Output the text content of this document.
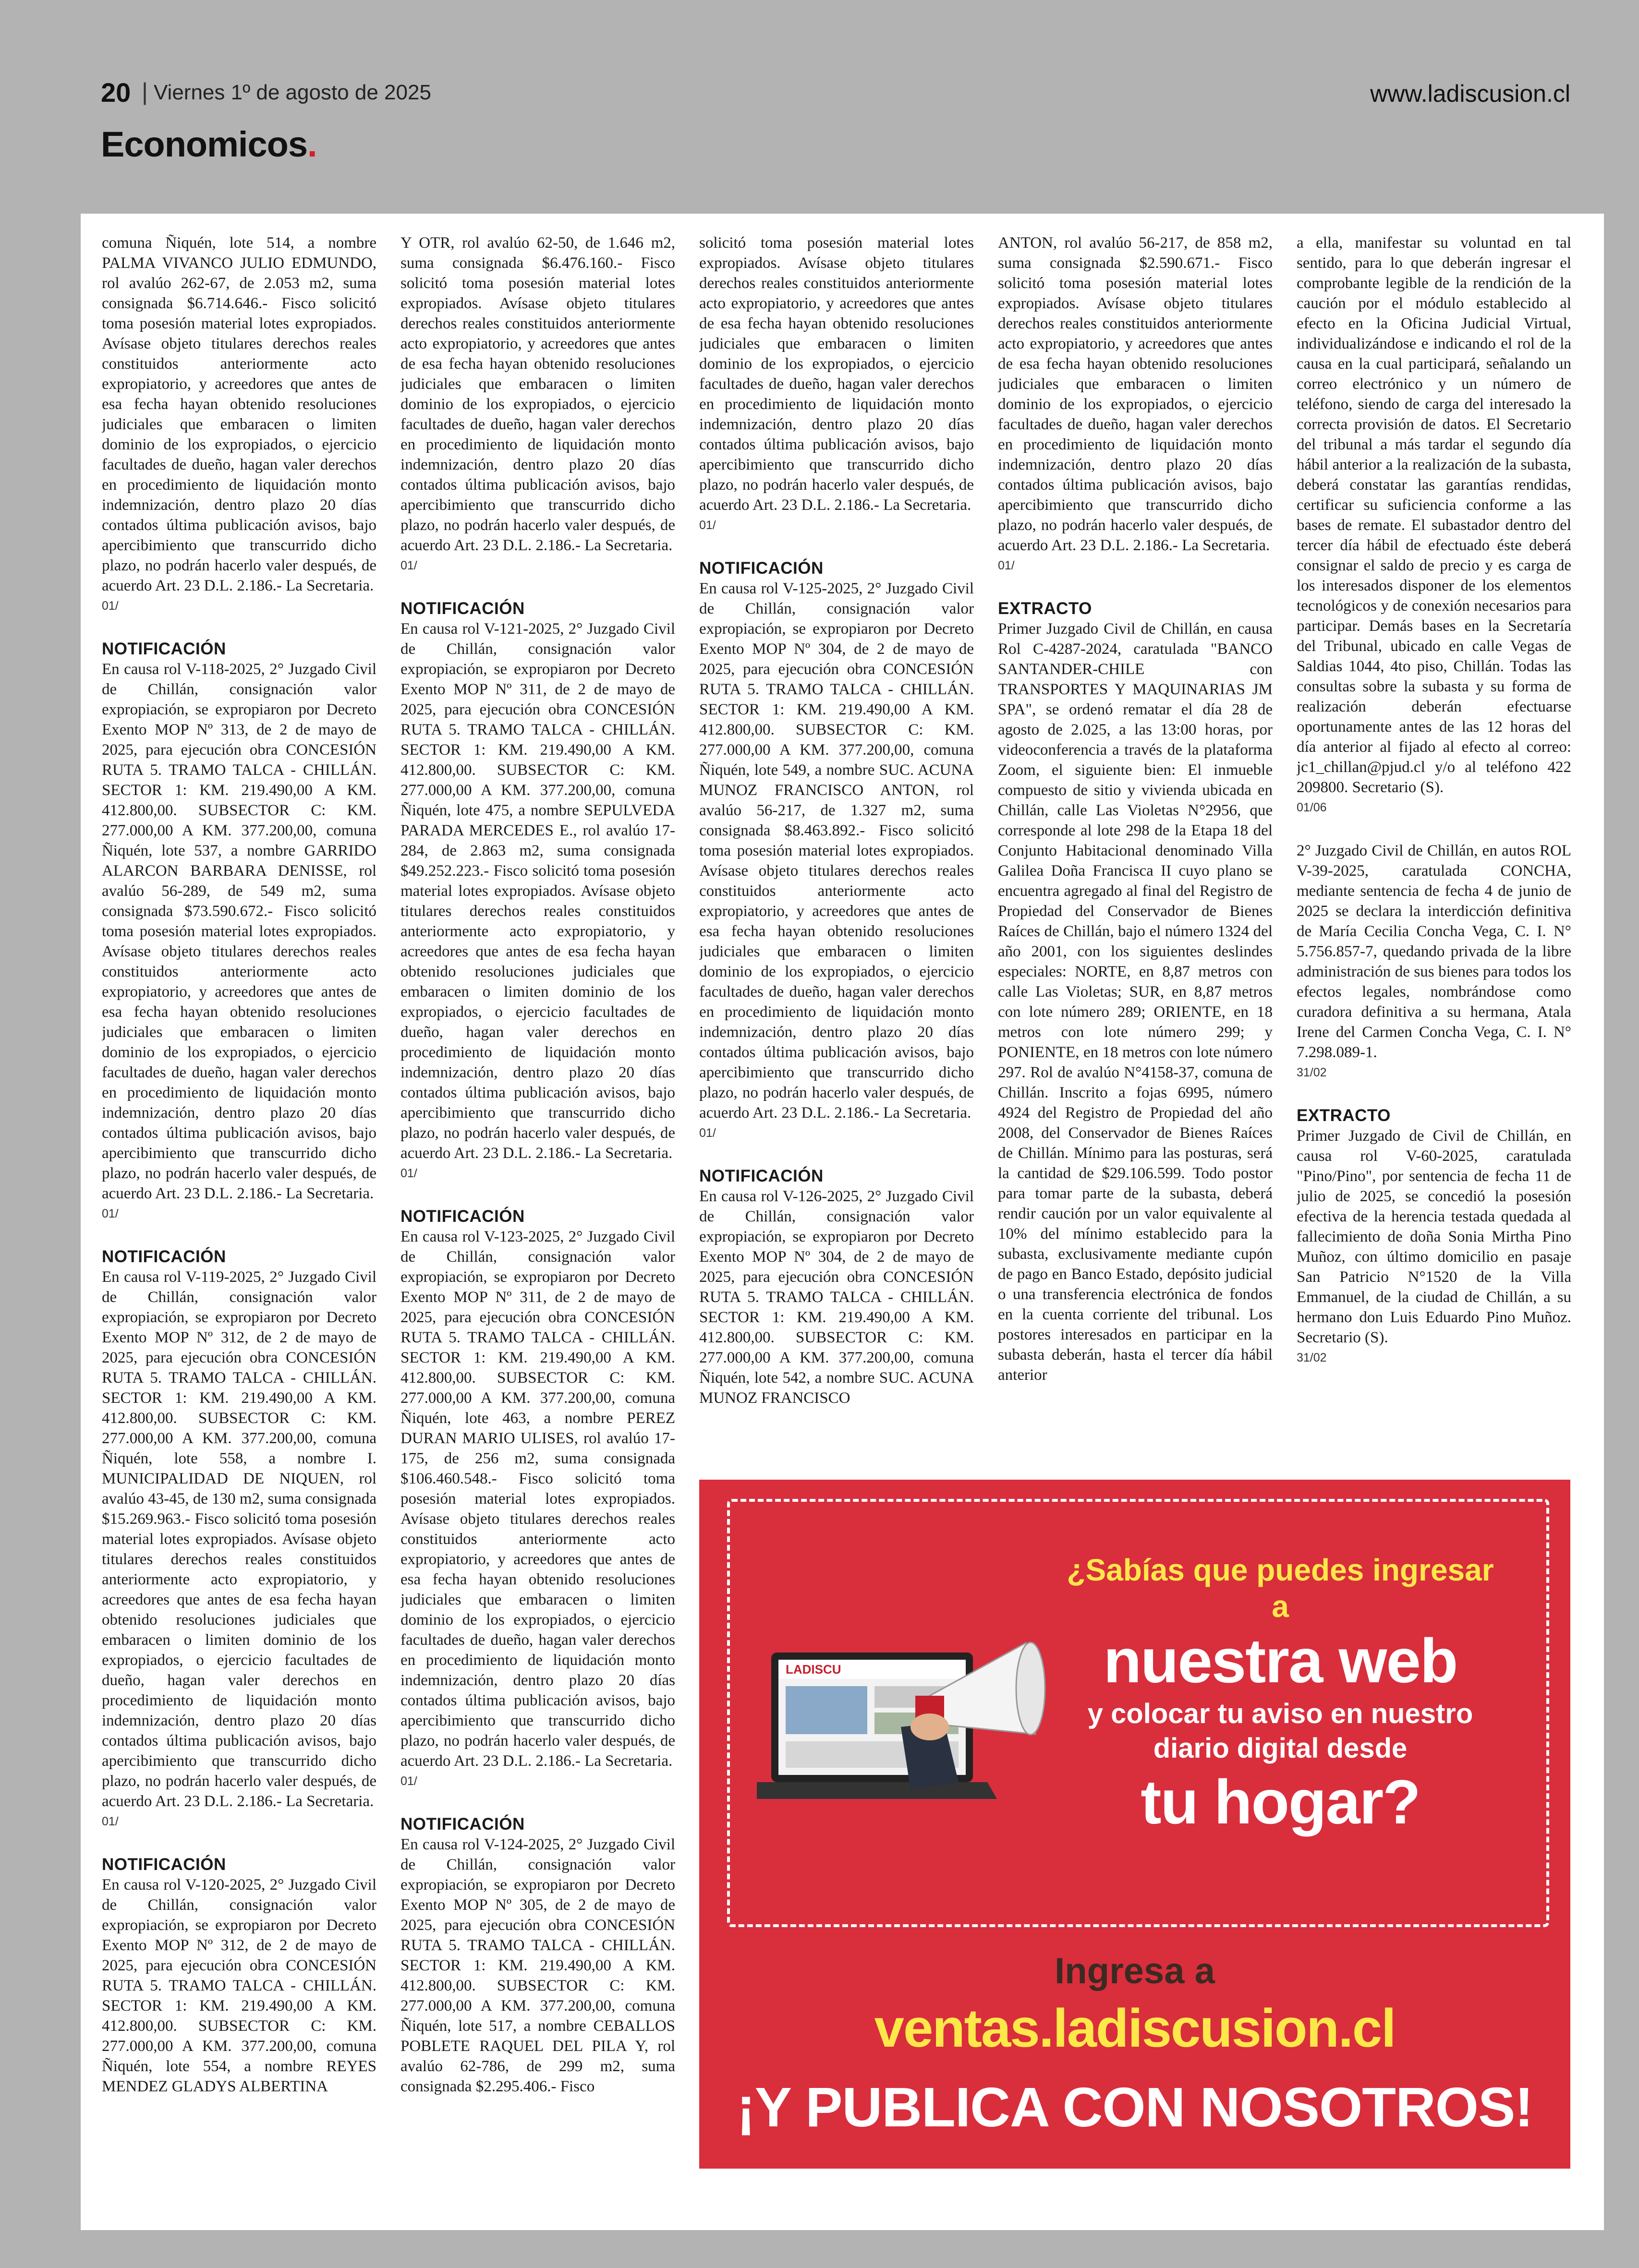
20 | Viernes 1º de agosto de 2025	www.ladiscusion.cl
Economicos.

comuna Ñiquén, lote 514, a nombre PALMA VIVANCO JULIO EDMUNDO, rol avalúo 262-67, de 2.053 m2, suma consignada $6.714.646.- Fisco solicitó toma posesión material lotes expropiados. Avísase objeto titulares derechos reales constituidos anteriormente acto expropiatorio, y acreedores que antes de esa fecha hayan obtenido resoluciones judiciales que embaracen o limiten dominio de los expropiados, o ejercicio facultades de dueño, hagan valer derechos en procedimiento de liquidación monto indemnización, dentro plazo 20 días contados última publicación avisos, bajo apercibimiento que transcurrido dicho plazo, no podrán hacerlo valer después, de acuerdo Art. 23 D.L. 2.186.- La Secretaria.

01/

NOTIFICACIÓN

En causa rol V-118-2025, 2° Juzgado Civil de Chillán, consignación valor expropiación, se expropiaron por Decreto Exento MOP Nº 313, de 2 de mayo de 2025, para ejecución obra CONCESIÓN RUTA 5. TRAMO TALCA - CHILLÁN. SECTOR 1: KM. 219.490,00 A KM. 412.800,00. SUBSECTOR C: KM. 277.000,00 A KM. 377.200,00, comuna Ñiquén, lote 537, a nombre GARRIDO ALARCON BARBARA DENISSE, rol avalúo 56-289, de 549 m2, suma consignada $73.590.672.- Fisco solicitó toma posesión material lotes expropiados. Avísase objeto titulares derechos reales constituidos anteriormente acto expropiatorio, y acreedores que antes de esa fecha hayan obtenido resoluciones judiciales que embaracen o limiten dominio de los expropiados, o ejercicio facultades de dueño, hagan valer derechos en procedimiento de liquidación monto indemnización, dentro plazo 20 días contados última publicación avisos, bajo apercibimiento que transcurrido dicho plazo, no podrán hacerlo valer después, de acuerdo Art. 23 D.L. 2.186.- La Secretaria.

01/

NOTIFICACIÓN

En causa rol V-119-2025, 2° Juzgado Civil de Chillán, consignación valor expropiación, se expropiaron por Decreto Exento MOP Nº 312, de 2 de mayo de 2025, para ejecución obra CONCESIÓN RUTA 5. TRAMO TALCA - CHILLÁN. SECTOR 1: KM. 219.490,00 A KM. 412.800,00. SUBSECTOR C: KM. 277.000,00 A KM. 377.200,00, comuna Ñiquén, lote 558, a nombre I. MUNICIPALIDAD DE NIQUEN, rol avalúo 43-45, de 130 m2, suma consignada $15.269.963.- Fisco solicitó toma posesión material lotes expropiados. Avísase objeto titulares derechos reales constituidos anteriormente acto expropiatorio, y acreedores que antes de esa fecha hayan obtenido resoluciones judiciales que embaracen o limiten dominio de los expropiados, o ejercicio facultades de dueño, hagan valer derechos en procedimiento de liquidación monto indemnización, dentro plazo 20 días contados última publicación avisos, bajo apercibimiento que transcurrido dicho plazo, no podrán hacerlo valer después, de acuerdo Art. 23 D.L. 2.186.- La Secretaria.

01/

NOTIFICACIÓN

En causa rol V-120-2025, 2° Juzgado Civil de Chillán, consignación valor expropiación, se expropiaron por Decreto Exento MOP Nº 312, de 2 de mayo de 2025, para ejecución obra CONCESIÓN RUTA 5. TRAMO TALCA - CHILLÁN. SECTOR 1: KM. 219.490,00 A KM. 412.800,00. SUBSECTOR C: KM. 277.000,00 A KM. 377.200,00, comuna Ñiquén, lote 554, a nombre REYES MENDEZ GLADYS ALBERTINA

Y OTR, rol avalúo 62-50, de 1.646 m2, suma consignada $6.476.160.- Fisco solicitó toma posesión material lotes expropiados. Avísase objeto titulares derechos reales constituidos anteriormente acto expropiatorio, y acreedores que antes de esa fecha hayan obtenido resoluciones judiciales que embaracen o limiten dominio de los expropiados, o ejercicio facultades de dueño, hagan valer derechos en procedimiento de liquidación monto indemnización, dentro plazo 20 días contados última publicación avisos, bajo apercibimiento que transcurrido dicho plazo, no podrán hacerlo valer después, de acuerdo Art. 23 D.L. 2.186.- La Secretaria.

01/

NOTIFICACIÓN

En causa rol V-121-2025, 2° Juzgado Civil de Chillán, consignación valor expropiación, se expropiaron por Decreto Exento MOP Nº 311, de 2 de mayo de 2025, para ejecución obra CONCESIÓN RUTA 5. TRAMO TALCA - CHILLÁN. SECTOR 1: KM. 219.490,00 A KM. 412.800,00. SUBSECTOR C: KM. 277.000,00 A KM. 377.200,00, comuna Ñiquén, lote 475, a nombre SEPULVEDA PARADA MERCEDES E., rol avalúo 17-284, de 2.863 m2, suma consignada $49.252.223.- Fisco solicitó toma posesión material lotes expropiados. Avísase objeto titulares derechos reales constituidos anteriormente acto expropiatorio, y acreedores que antes de esa fecha hayan obtenido resoluciones judiciales que embaracen o limiten dominio de los expropiados, o ejercicio facultades de dueño, hagan valer derechos en procedimiento de liquidación monto indemnización, dentro plazo 20 días contados última publicación avisos, bajo apercibimiento que transcurrido dicho plazo, no podrán hacerlo valer después, de acuerdo Art. 23 D.L. 2.186.- La Secretaria.

01/

NOTIFICACIÓN

En causa rol V-123-2025, 2° Juzgado Civil de Chillán, consignación valor expropiación, se expropiaron por Decreto Exento MOP Nº 311, de 2 de mayo de 2025, para ejecución obra CONCESIÓN RUTA 5. TRAMO TALCA - CHILLÁN. SECTOR 1: KM. 219.490,00 A KM. 412.800,00. SUBSECTOR C: KM. 277.000,00 A KM. 377.200,00, comuna Ñiquén, lote 463, a nombre PEREZ DURAN MARIO ULISES, rol avalúo 17-175, de 256 m2, suma consignada $106.460.548.- Fisco solicitó toma posesión material lotes expropiados. Avísase objeto titulares derechos reales constituidos anteriormente acto expropiatorio, y acreedores que antes de esa fecha hayan obtenido resoluciones judiciales que embaracen o limiten dominio de los expropiados, o ejercicio facultades de dueño, hagan valer derechos en procedimiento de liquidación monto indemnización, dentro plazo 20 días contados última publicación avisos, bajo apercibimiento que transcurrido dicho plazo, no podrán hacerlo valer después, de acuerdo Art. 23 D.L. 2.186.- La Secretaria.

01/

NOTIFICACIÓN

En causa rol V-124-2025, 2° Juzgado Civil de Chillán, consignación valor expropiación, se expropiaron por Decreto Exento MOP Nº 305, de 2 de mayo de 2025, para ejecución obra CONCESIÓN RUTA 5. TRAMO TALCA - CHILLÁN. SECTOR 1: KM. 219.490,00 A KM. 412.800,00. SUBSECTOR C: KM. 277.000,00 A KM. 377.200,00, comuna Ñiquén, lote 517, a nombre CEBALLOS POBLETE RAQUEL DEL PILA Y, rol avalúo 62-786, de 299 m2, suma consignada $2.295.406.- Fisco

solicitó toma posesión material lotes expropiados. Avísase objeto titulares derechos reales constituidos anteriormente acto expropiatorio, y acreedores que antes de esa fecha hayan obtenido resoluciones judiciales que embaracen o limiten dominio de los expropiados, o ejercicio facultades de dueño, hagan valer derechos en procedimiento de liquidación monto indemnización, dentro plazo 20 días contados última publicación avisos, bajo apercibimiento que transcurrido dicho plazo, no podrán hacerlo valer después, de acuerdo Art. 23 D.L. 2.186.- La Secretaria.

01/

NOTIFICACIÓN

En causa rol V-125-2025, 2° Juzgado Civil de Chillán, consignación valor expropiación, se expropiaron por Decreto Exento MOP Nº 304, de 2 de mayo de 2025, para ejecución obra CONCESIÓN RUTA 5. TRAMO TALCA - CHILLÁN. SECTOR 1: KM. 219.490,00 A KM. 412.800,00. SUBSECTOR C: KM. 277.000,00 A KM. 377.200,00, comuna Ñiquén, lote 549, a nombre SUC. ACUNA MUNOZ FRANCISCO ANTON, rol avalúo 56-217, de 1.327 m2, suma consignada $8.463.892.- Fisco solicitó toma posesión material lotes expropiados. Avísase objeto titulares derechos reales constituidos anteriormente acto expropiatorio, y acreedores que antes de esa fecha hayan obtenido resoluciones judiciales que embaracen o limiten dominio de los expropiados, o ejercicio facultades de dueño, hagan valer derechos en procedimiento de liquidación monto indemnización, dentro plazo 20 días contados última publicación avisos, bajo apercibimiento que transcurrido dicho plazo, no podrán hacerlo valer después, de acuerdo Art. 23 D.L. 2.186.- La Secretaria.

01/

NOTIFICACIÓN

En causa rol V-126-2025, 2° Juzgado Civil de Chillán, consignación valor expropiación, se expropiaron por Decreto Exento MOP Nº 304, de 2 de mayo de 2025, para ejecución obra CONCESIÓN RUTA 5. TRAMO TALCA - CHILLÁN. SECTOR 1: KM. 219.490,00 A KM. 412.800,00. SUBSECTOR C: KM. 277.000,00 A KM. 377.200,00, comuna Ñiquén, lote 542, a nombre SUC. ACUNA MUNOZ FRANCISCO

ANTON, rol avalúo 56-217, de 858 m2, suma consignada $2.590.671.- Fisco solicitó toma posesión material lotes expropiados. Avísase objeto titulares derechos reales constituidos anteriormente acto expropiatorio, y acreedores que antes de esa fecha hayan obtenido resoluciones judiciales que embaracen o limiten dominio de los expropiados, o ejercicio facultades de dueño, hagan valer derechos en procedimiento de liquidación monto indemnización, dentro plazo 20 días contados última publicación avisos, bajo apercibimiento que transcurrido dicho plazo, no podrán hacerlo valer después, de acuerdo Art. 23 D.L. 2.186.- La Secretaria.

01/

EXTRACTO

Primer Juzgado Civil de Chillán, en causa Rol C-4287-2024, caratulada "BANCO SANTANDER-CHILE con TRANSPORTES Y MAQUINARIAS JM SPA", se ordenó rematar el día 28 de agosto de 2.025, a las 13:00 horas, por videoconferencia a través de la plataforma Zoom, el siguiente bien: El inmueble compuesto de sitio y vivienda ubicada en Chillán, calle Las Violetas N°2956, que corresponde al lote 298 de la Etapa 18 del Conjunto Habitacional denominado Villa Galilea Doña Francisca II cuyo plano se encuentra agregado al final del Registro de Propiedad del Conservador de Bienes Raíces de Chillán, bajo el número 1324 del año 2001, con los siguientes deslindes especiales: NORTE, en 8,87 metros con calle Las Violetas; SUR, en 8,87 metros con lote número 289; ORIENTE, en 18 metros con lote número 299; y PONIENTE, en 18 metros con lote número 297. Rol de avalúo N°4158-37, comuna de Chillán. Inscrito a fojas 6995, número 4924 del Registro de Propiedad del año 2008, del Conservador de Bienes Raíces de Chillán. Mínimo para las posturas, será la cantidad de $29.106.599. Todo postor para tomar parte de la subasta, deberá rendir caución por un valor equivalente al 10% del mínimo establecido para la subasta, exclusivamente mediante cupón de pago en Banco Estado, depósito judicial o una transferencia electrónica de fondos en la cuenta corriente del tribunal. Los postores interesados en participar en la subasta deberán, hasta el tercer día hábil anterior

a ella, manifestar su voluntad en tal sentido, para lo que deberán ingresar el comprobante legible de la rendición de la caución por el módulo establecido al efecto en la Oficina Judicial Virtual, individualizándose e indicando el rol de la causa en la cual participará, señalando un correo electrónico y un número de teléfono, siendo de carga del interesado la correcta provisión de datos. El Secretario del tribunal a más tardar el segundo día hábil anterior a la realización de la subasta, deberá constatar las garantías rendidas, certificar su suficiencia conforme a las bases de remate. El subastador dentro del tercer día hábil de efectuado éste deberá consignar el saldo de precio y es carga de los interesados disponer de los elementos tecnológicos y de conexión necesarios para participar. Demás bases en la Secretaría del Tribunal, ubicado en calle Vegas de Saldias 1044, 4to piso, Chillán. Todas las consultas sobre la subasta y su forma de realización deberán efectuarse oportunamente antes de las 12 horas del día anterior al fijado al efecto al correo: jc1_chillan@pjud.cl y/o al teléfono 422 209800. Secretario (S).

01/06

2° Juzgado Civil de Chillán, en autos ROL V-39-2025, caratulada CONCHA, mediante sentencia de fecha 4 de junio de 2025 se declara la interdicción definitiva de María Cecilia Concha Vega, C. I. N° 5.756.857-7, quedando privada de la libre administración de sus bienes para todos los efectos legales, nombrándose como curadora definitiva a su hermana, Atala Irene del Carmen Concha Vega, C. I. N° 7.298.089-1.

31/02

EXTRACTO

Primer Juzgado de Civil de Chillán, en causa rol V-60-2025, caratulada "Pino/Pino", por sentencia de fecha 11 de julio de 2025, se concedió la posesión efectiva de la herencia testada quedada al fallecimiento de doña Sonia Mirtha Pino Muñoz, con último domicilio en pasaje San Patricio N°1520 de la Villa Emmanuel, de la ciudad de Chillán, a su hermano don Luis Eduardo Pino Muñoz. Secretario (S).

31/02

LADISCU
¿Sabías que puedes ingresar a
nuestra web
y colocar tu aviso en nuestro
diario digital desde
tu hogar?
Ingresa a
ventas.ladiscusion.cl
¡Y PUBLICA CON NOSOTROS!
